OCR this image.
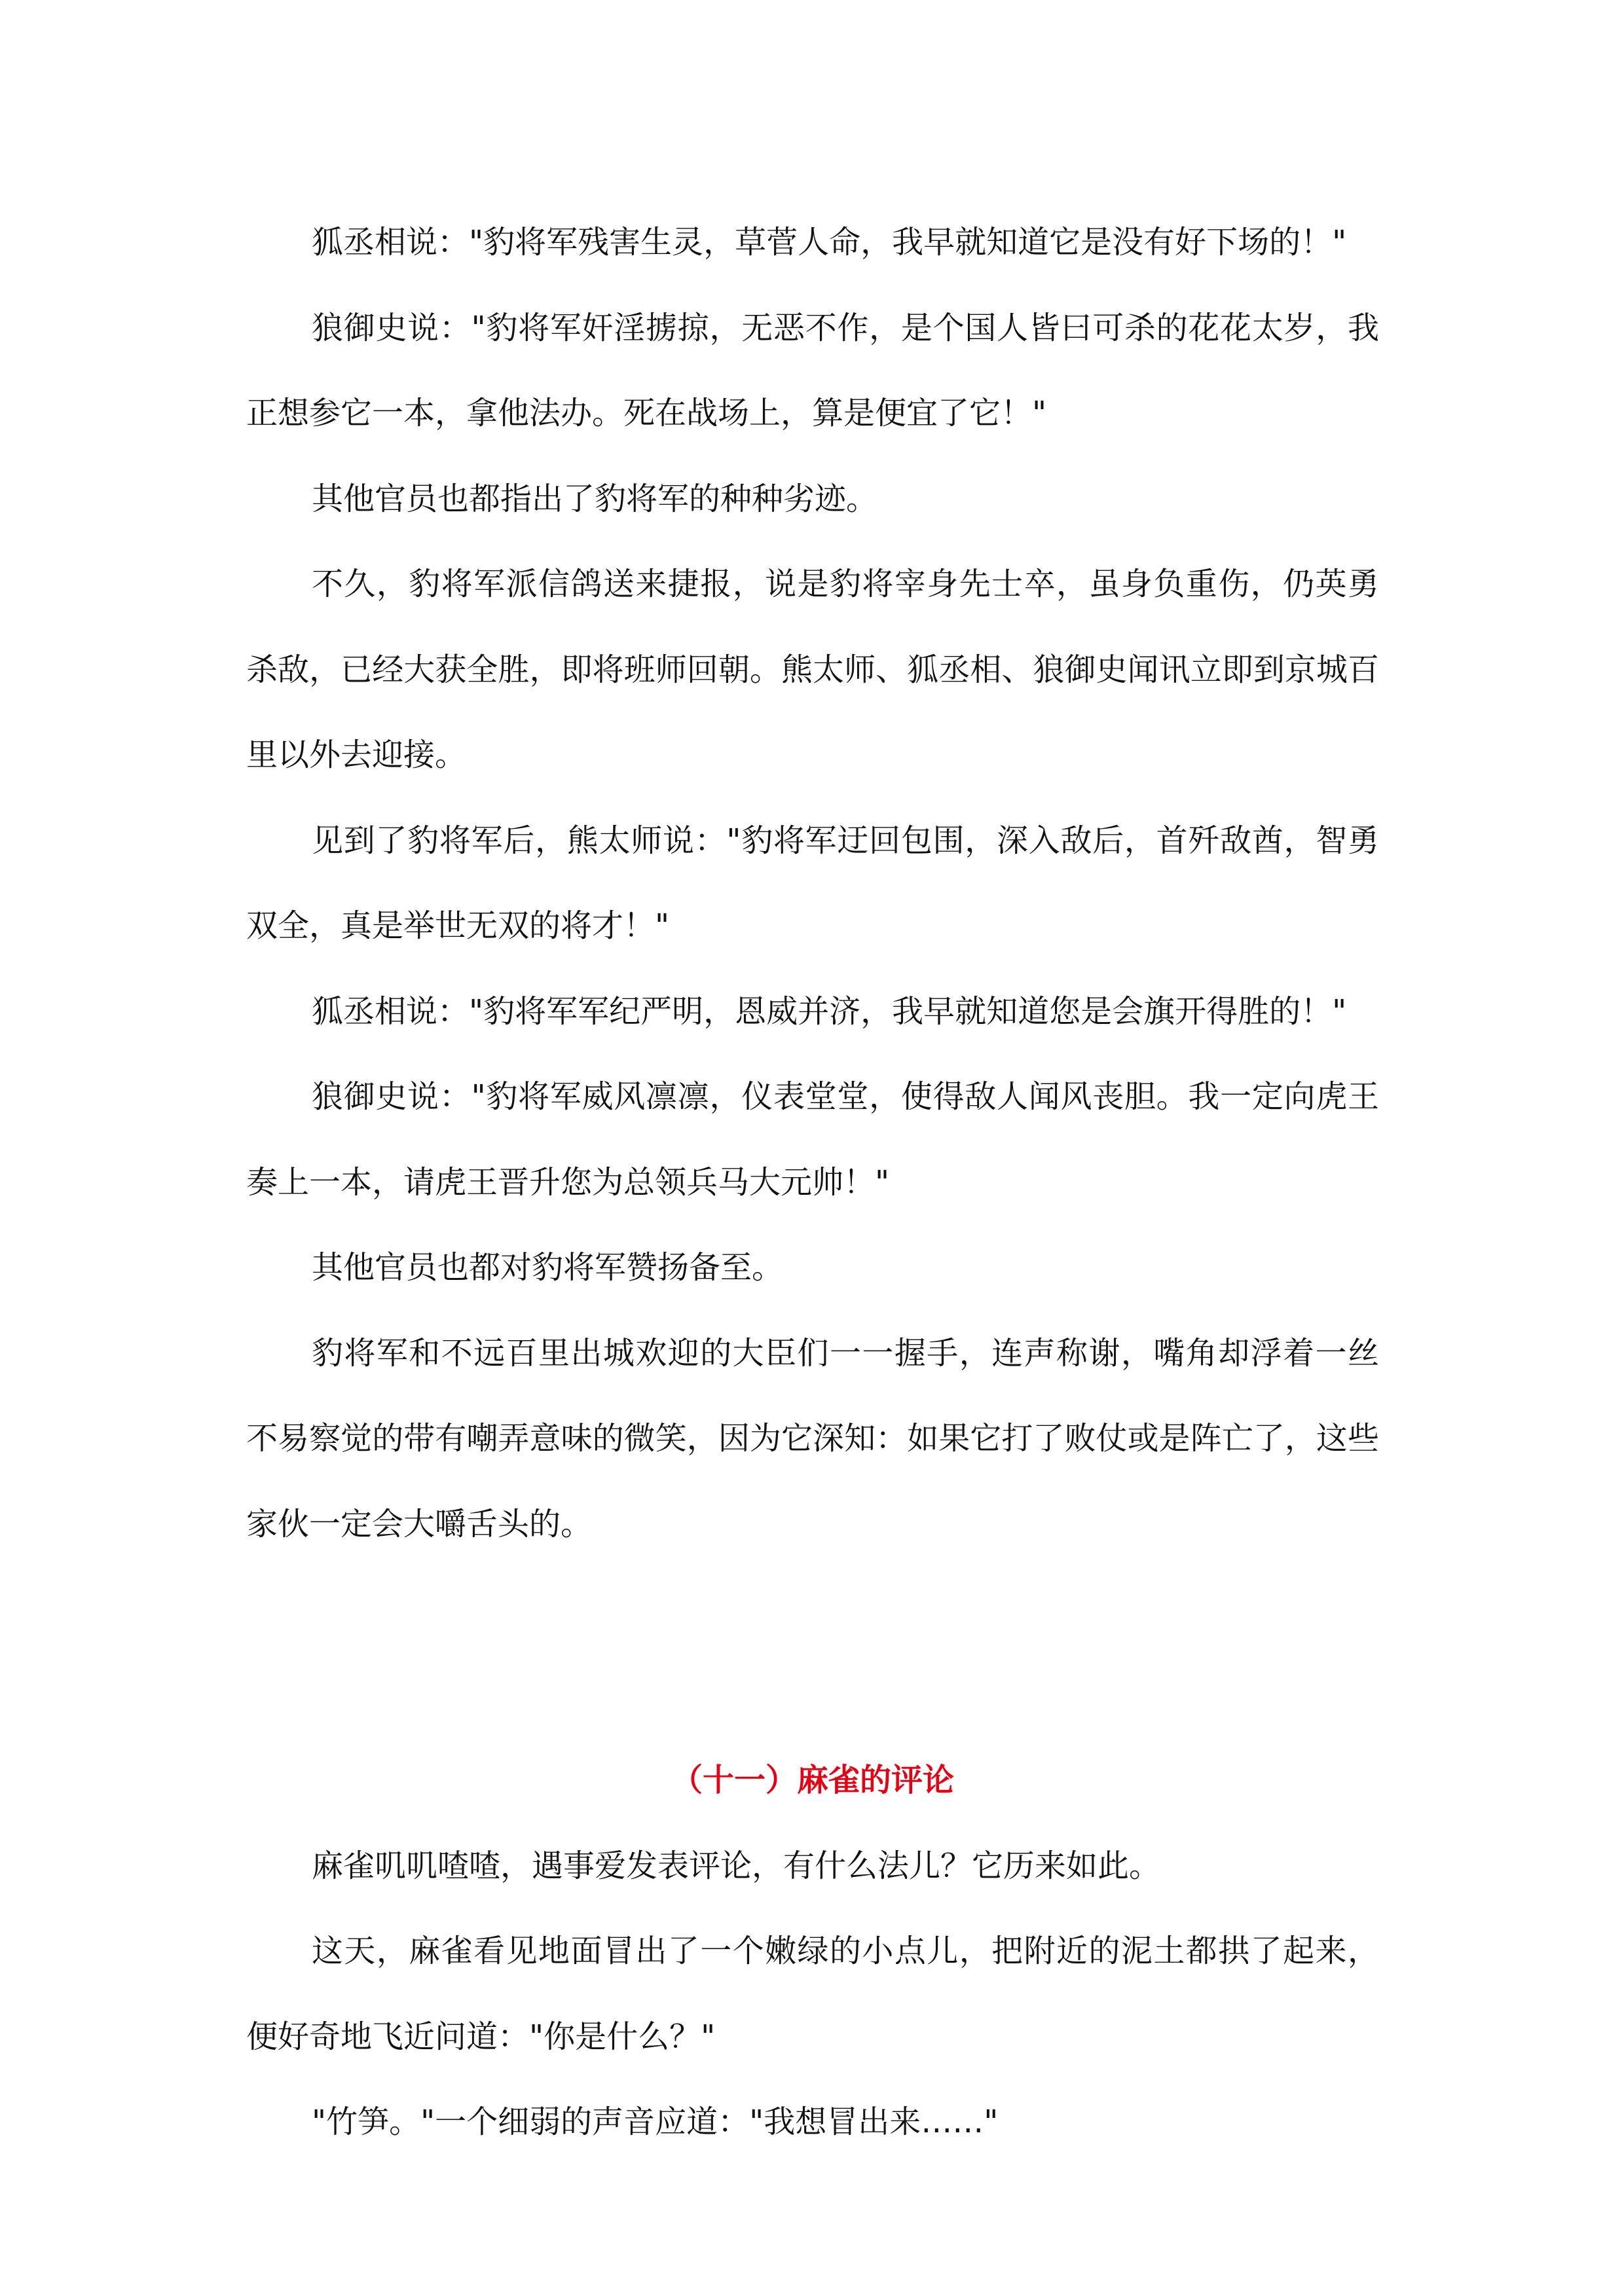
狐丞相说："豹将军残害生灵，草菅人命，我早就知道它是没有好下场的！"

狼御史说："豹将军奸淫掳掠，无恶不作，是个国人皆曰可杀的花花太岁，我正想参它一本，拿他法办。死在战场上，算是便宜了它！"

其他官员也都指出了豹将军的种种劣迹。

不久，豹将军派信鸽送来捷报，说是豹将宰身先士卒，虽身负重伤，仍英勇杀敌，已经大获全胜，即将班师回朝。熊太师、狐丞相、狼御史闻讯立即到京城百里以外去迎接。

见到了豹将军后，熊太师说："豹将军迂回包围，深入敌后，首歼敌酋，智勇双全，真是举世无双的将才！"

狐丞相说："豹将军军纪严明，恩威并济，我早就知道您是会旗开得胜的！"

狼御史说："豹将军威风凛凛，仪表堂堂，使得敌人闻风丧胆。我一定向虎王奏上一本，请虎王晋升您为总领兵马大元帅！"

其他官员也都对豹将军赞扬备至。

豹将军和不远百里出城欢迎的大臣们一一握手，连声称谢，嘴角却浮着一丝不易察觉的带有嘲弄意味的微笑，因为它深知：如果它打了败仗或是阵亡了，这些家伙一定会大嚼舌头的。

（十一）麻雀的评论

麻雀叽叽喳喳，遇事爱发表评论，有什么法儿？它历来如此。

这天，麻雀看见地面冒出了一个嫩绿的小点儿，把附近的泥土都拱了起来，便好奇地飞近问道："你是什么？"

"竹笋。"一个细弱的声音应道："我想冒出来……"
